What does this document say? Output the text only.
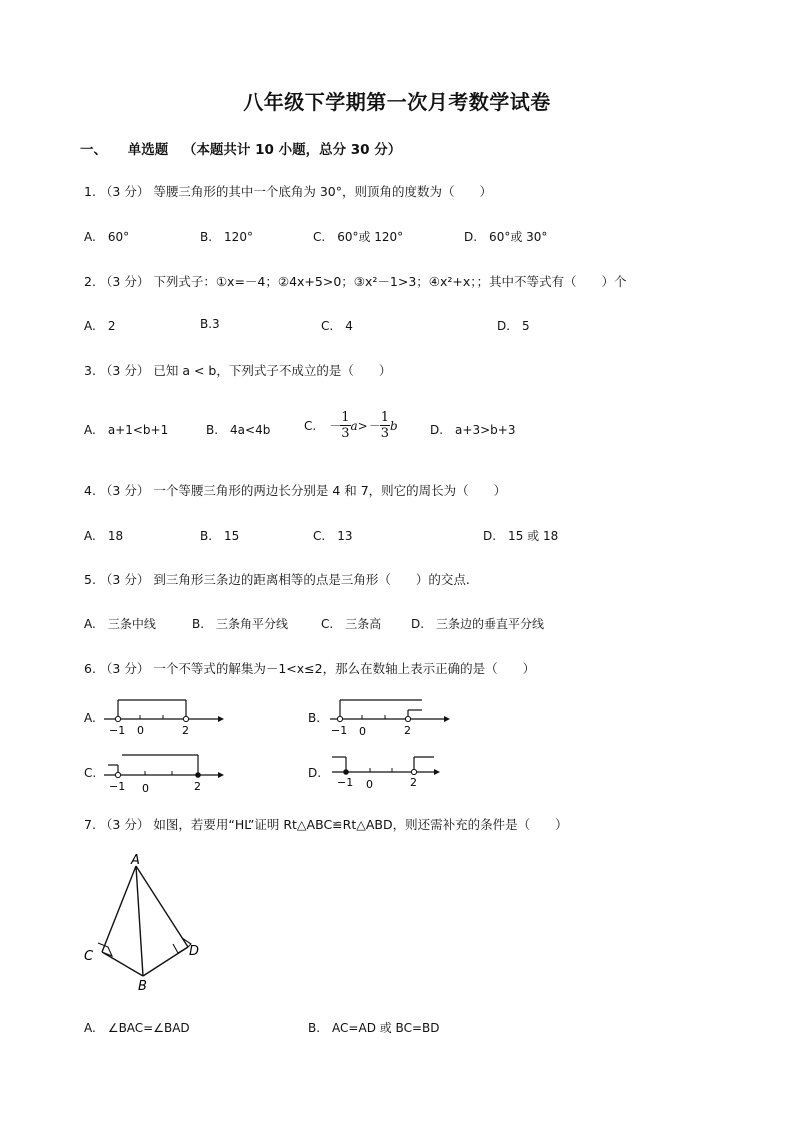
八年级下学期第一次月考数学试卷
一、 单选题 （本题共计 10 小题，总分 30 分）
1. （3 分） 等腰三角形的其中一个底角为 30°，则顶角的度数为（　　）
A.　60°	B.　120°	C.　60°或 120°	D.　60°或 30°
2. （3 分） 下列式子：①x=－4；②4x+5>0；③x²－1>3；④x²+x；；其中不等式有（　　）个
A.　2	B.3	C.　4	D.　5
3. （3 分） 已知 a < b，下列式子不成立的是（　　）
A.　a+1<b+1	B.　4a<4b	C. － $\frac{1}{3}$ $a >- \frac{1}{3}$ b	D.　a+3>b+3
4. （3 分） 一个等腰三角形的两边长分别是 4 和 7，则它的周长为（　　）
A.　18	B.　15	C.　13	D.　15 或 18
5. （3 分） 到三角形三条边的距离相等的点是三角形（　　）的交点.
A.　三条中线	B.　三条角平分线	C.　三条高 D.　三条边的垂直平分线
6. （3 分） 一个不等式的解集为－1<x≤2，那么在数轴上表示正确的是（　　）
A.
−1 0	2
B.
−1 0	2
C.
−1 0	2
D.
−1 0	2
7. （3 分） 如图，若要用“HL”证明 Rt△ABC≌Rt△ABD，则还需补充的条件是（　　）
A
C	D
B
A.　∠BAC=∠BAD	B.　AC=AD 或 BC=BD
